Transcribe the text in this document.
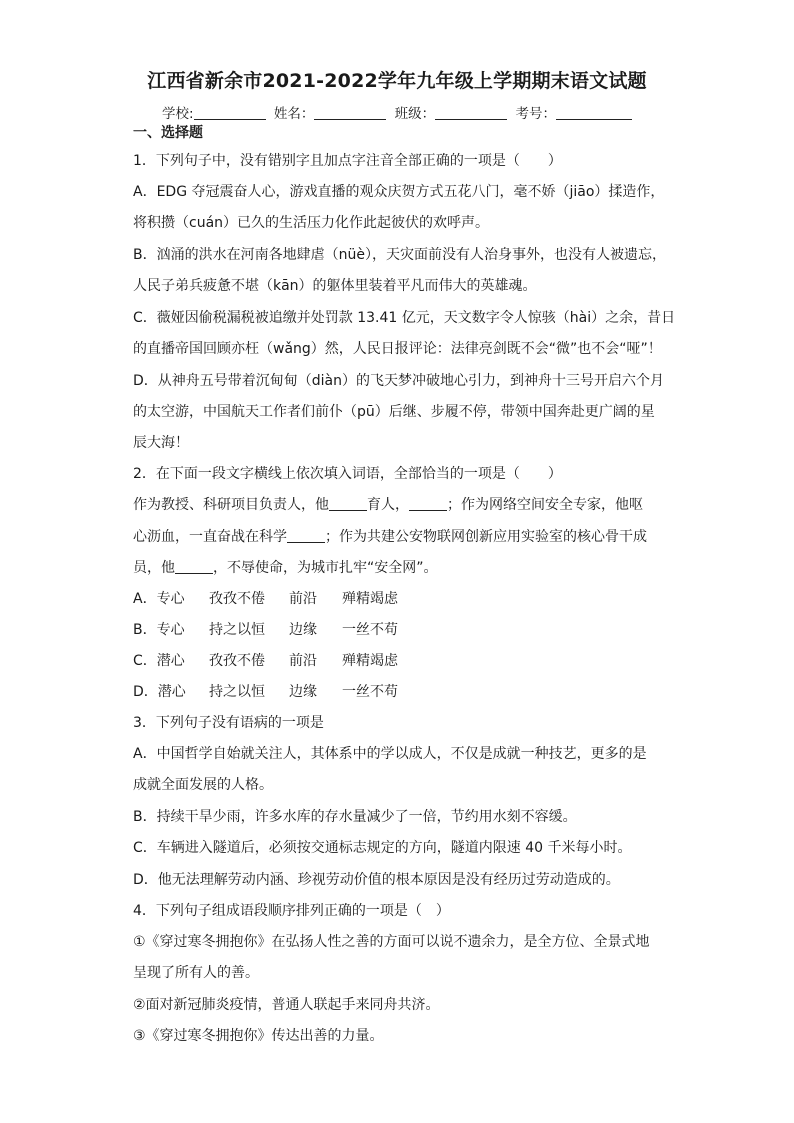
江西省新余市2021-2022学年九年级上学期期末语文试题
学校:	姓名：	班级：	考号：
一、选择题
1．下列句子中，没有错别字且加点字注音全部正确的一项是（　　）
A．EDG 夺冠震奋人心，游戏直播的观众庆贺方式五花八门，毫不娇（jiāo）揉造作，
将积攒（cuán）已久的生活压力化作此起彼伏的欢呼声。
B．汹涌的洪水在河南各地肆虐（nüè），天灾面前没有人治身事外，也没有人被遗忘，
人民子弟兵疲惫不堪（kān）的躯体里装着平凡而伟大的英雄魂。
C．薇娅因偷税漏税被追缴并处罚款 13.41 亿元，天文数字令人惊骇（hài）之余，昔日
的直播帝国回顾亦枉（wǎng）然，人民日报评论：法律亮剑既不会“微”也不会“哑”！
D．从神舟五号带着沉甸甸（diàn）的飞天梦冲破地心引力，到神舟十三号开启六个月
的太空游，中国航天工作者们前仆（pū）后继、步履不停，带领中国奔赴更广阔的星
辰大海！
2．在下面一段文字横线上依次填入词语，全部恰当的一项是（　　）
作为教授、科研项目负责人，他	育人，	；作为网络空间安全专家，他呕
心沥血，一直奋战在科学	；作为共建公安物联网创新应用实验室的核心骨干成
员，他	，不辱使命，为城市扎牢“安全网”。
A．专心 孜孜不倦 前沿 殚精竭虑
B．专心 持之以恒 边缘 一丝不苟
C．潜心 孜孜不倦 前沿 殚精竭虑
D．潜心 持之以恒 边缘 一丝不苟
3．下列句子没有语病的一项是
A．中国哲学自始就关注人，其体系中的学以成人，不仅是成就一种技艺，更多的是
成就全面发展的人格。
B．持续干旱少雨，许多水库的存水量减少了一倍，节约用水刻不容缓。
C．车辆进入隧道后，必须按交通标志规定的方向，隧道内限速 40 千米每小时。
D．他无法理解劳动内涵、珍视劳动价值的根本原因是没有经历过劳动造成的。
4．下列句子组成语段顺序排列正确的一项是（　）
①《穿过寒冬拥抱你》在弘扬人性之善的方面可以说不遗余力，是全方位、全景式地
呈现了所有人的善。
②面对新冠肺炎疫情，普通人联起手来同舟共济。
③《穿过寒冬拥抱你》传达出善的力量。
